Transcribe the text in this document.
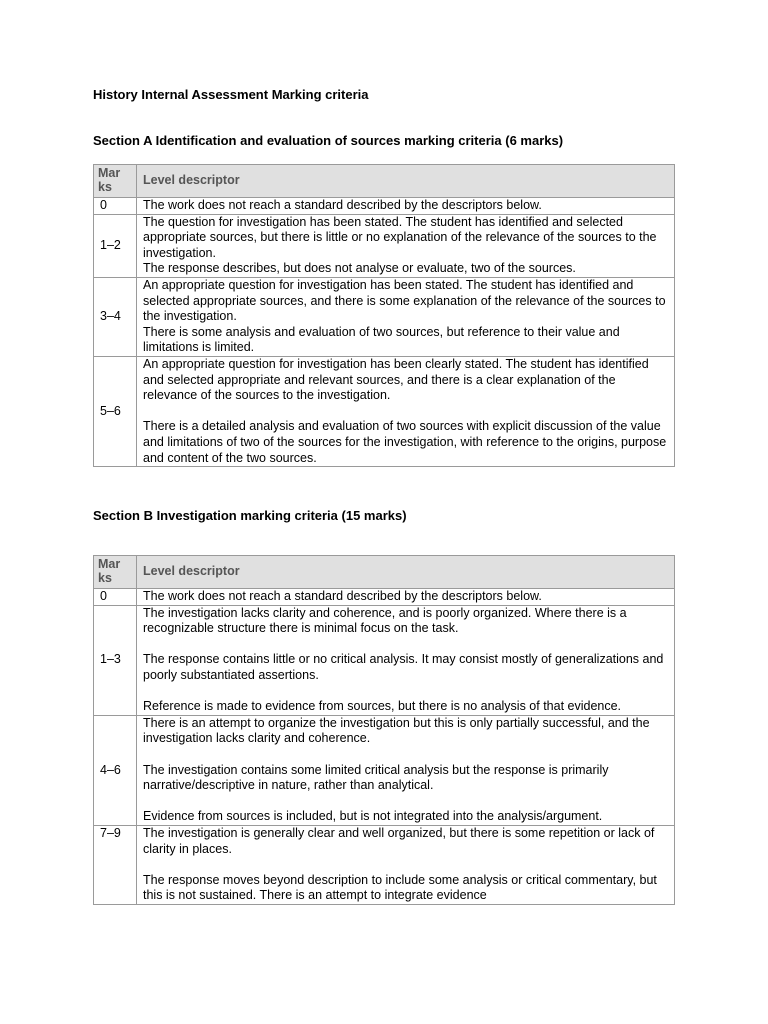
History Internal Assessment Marking criteria
Section A Identification and evaluation of sources marking criteria (6 marks)
Mar ks	Level descriptor
0	The work does not reach a standard described by the descriptors below.

1–2	The question for investigation has been stated. The student has identified and selected appropriate sources, but there is little or no explanation of the relevance of the sources to the investigation.
The response describes, but does not analyse or evaluate, two of the sources.

3–4	An appropriate question for investigation has been stated. The student has identified and selected appropriate sources, and there is some explanation of the relevance of the sources to the investigation.
There is some analysis and evaluation of two sources, but reference to their value and limitations is limited.

5–6	An appropriate question for investigation has been clearly stated. The student has identified and selected appropriate and relevant sources, and there is a clear explanation of the relevance of the sources to the investigation.
There is a detailed analysis and evaluation of two sources with explicit discussion of the value and limitations of two of the sources for the investigation, with reference to the origins, purpose and content of the two sources.
Section B Investigation marking criteria (15 marks)
Mar ks	Level descriptor
0	The work does not reach a standard described by the descriptors below.

1–3	The investigation lacks clarity and coherence, and is poorly organized. Where there is a recognizable structure there is minimal focus on the task.
The response contains little or no critical analysis. It may consist mostly of generalizations and poorly substantiated assertions.
Reference is made to evidence from sources, but there is no analysis of that evidence.

4–6	There is an attempt to organize the investigation but this is only partially successful, and the investigation lacks clarity and coherence.
The investigation contains some limited critical analysis but the response is primarily narrative/descriptive in nature, rather than analytical.
Evidence from sources is included, but is not integrated into the analysis/argument.

7–9	The investigation is generally clear and well organized, but there is some repetition or lack of clarity in places.
The response moves beyond description to include some analysis or critical commentary, but this is not sustained. There is an attempt to integrate evidence
